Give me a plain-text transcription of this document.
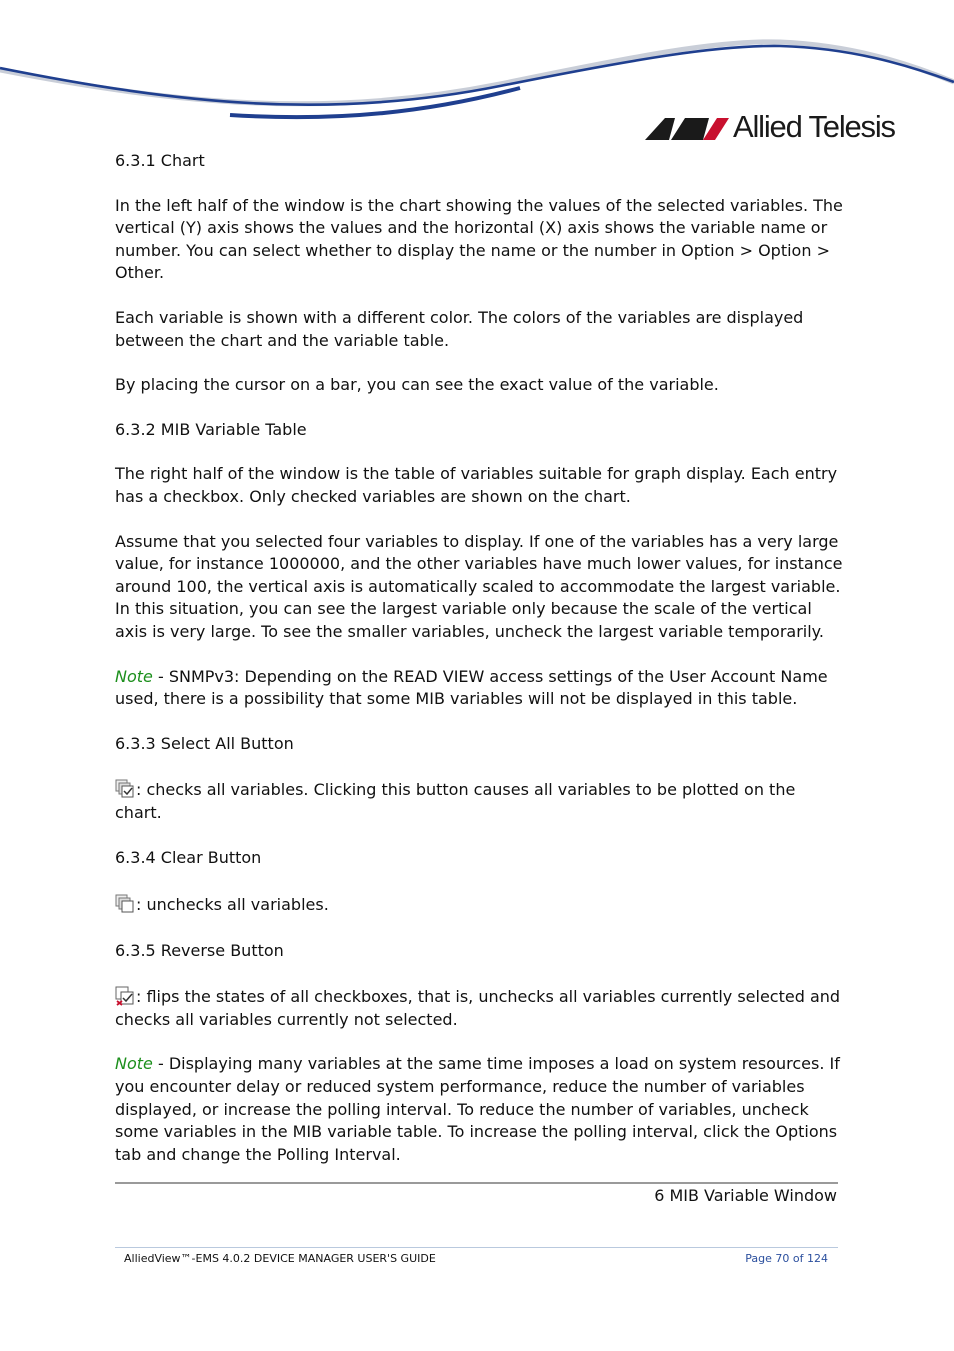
Allied Telesis
6.3.1 Chart

In the left half of the window is the chart showing the values of the selected variables. The vertical (Y) axis shows the values and the horizontal (X) axis shows the variable name or number. You can select whether to display the name or the number in Option > Option > Other.

Each variable is shown with a different color. The colors of the variables are displayed between the chart and the variable table.

By placing the cursor on a bar, you can see the exact value of the variable.

6.3.2 MIB Variable Table

The right half of the window is the table of variables suitable for graph display. Each entry has a checkbox. Only checked variables are shown on the chart.

Assume that you selected four variables to display. If one of the variables has a very large value, for instance 1000000, and the other variables have much lower values, for instance around 100, the vertical axis is automatically scaled to accommodate the largest variable. In this situation, you can see the largest variable only because the scale of the vertical axis is very large. To see the smaller variables, uncheck the largest variable temporarily.

Note - SNMPv3: Depending on the READ VIEW access settings of the User Account Name used, there is a possibility that some MIB variables will not be displayed in this table.

6.3.3 Select All Button

: checks all variables. Clicking this button causes all variables to be plotted on the chart.

6.3.4 Clear Button

: unchecks all variables.

6.3.5 Reverse Button

: flips the states of all checkboxes, that is, unchecks all variables currently selected and checks all variables currently not selected.

Note - Displaying many variables at the same time imposes a load on system resources. If you encounter delay or reduced system performance, reduce the number of variables displayed, or increase the polling interval. To reduce the number of variables, uncheck some variables in the MIB variable table. To increase the polling interval, click the Options tab and change the Polling Interval.

6 MIB Variable Window
AlliedView™-EMS 4.0.2 DEVICE MANAGER USER'S GUIDE	Page 70 of 124
